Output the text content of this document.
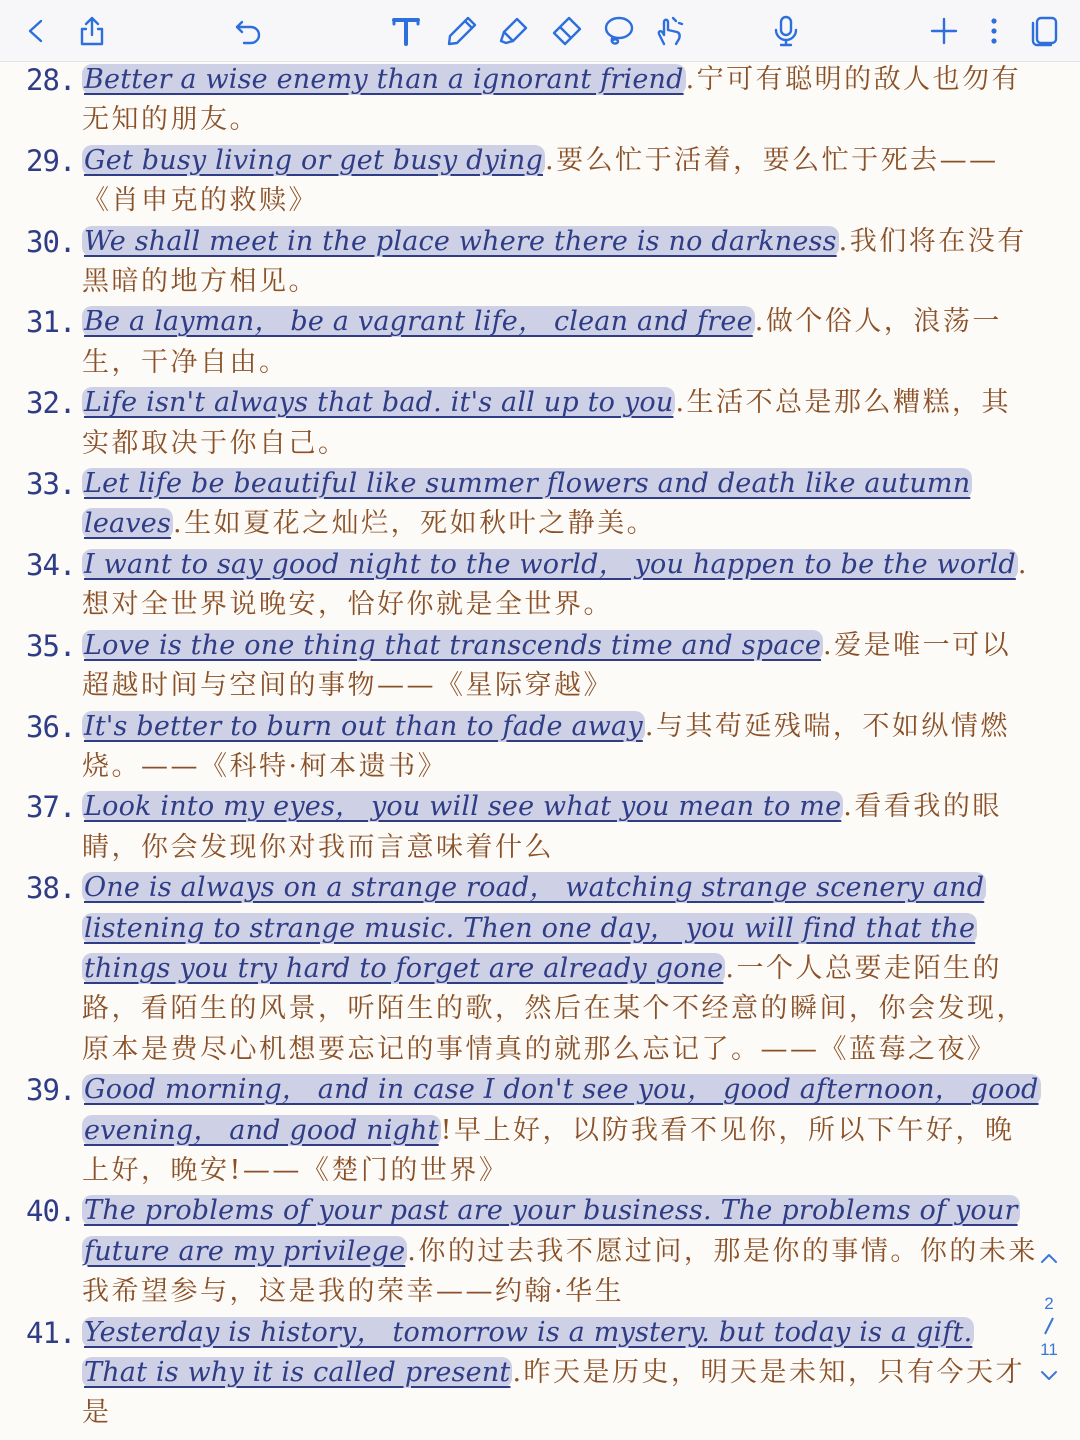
28. Better a wise enemy than a ignorant friend.宁可有聪明的敌人也勿有无知的朋友。
29. Get busy living or get busy dying.要么忙于活着，要么忙于死去——《肖申克的救赎》
30. We shall meet in the place where there is no darkness.我们将在没有黑暗的地方相见。
31. Be a layman， be a vagrant life， clean and free.做个俗人，浪荡一生，干净自由。
32. Life isn't always that bad. it's all up to you.生活不总是那么糟糕，其实都取决于你自己。
33. Let life be beautiful like summer flowers and death like autumn leaves.生如夏花之灿烂，死如秋叶之静美。
34. I want to say good night to the world， you happen to be the world.想对全世界说晚安，恰好你就是全世界。
35. Love is the one thing that transcends time and space.爱是唯一可以超越时间与空间的事物——《星际穿越》
36. It's better to burn out than to fade away.与其苟延残喘，不如纵情燃烧。——《科特·柯本遗书》
37. Look into my eyes， you will see what you mean to me.看看我的眼睛，你会发现你对我而言意味着什么
38. One is always on a strange road， watching strange scenery and listening to strange music. Then one day， you will find that the things you try hard to forget are already gone.一个人总要走陌生的路，看陌生的风景，听陌生的歌，然后在某个不经意的瞬间，你会发现，原本是费尽心机想要忘记的事情真的就那么忘记了。——《蓝莓之夜》
39. Good morning， and in case I don't see you， good afternoon， good evening， and good night!早上好，以防我看不见你，所以下午好，晚上好，晚安!——《楚门的世界》
40. The problems of your past are your business. The problems of your future are my privilege.你的过去我不愿过问，那是你的事情。你的未来我希望参与，这是我的荣幸——约翰·华生
41. Yesterday is history， tomorrow is a mystery. but today is a gift. That is why it is called present.昨天是历史，明天是未知，只有今天才是
2
11
